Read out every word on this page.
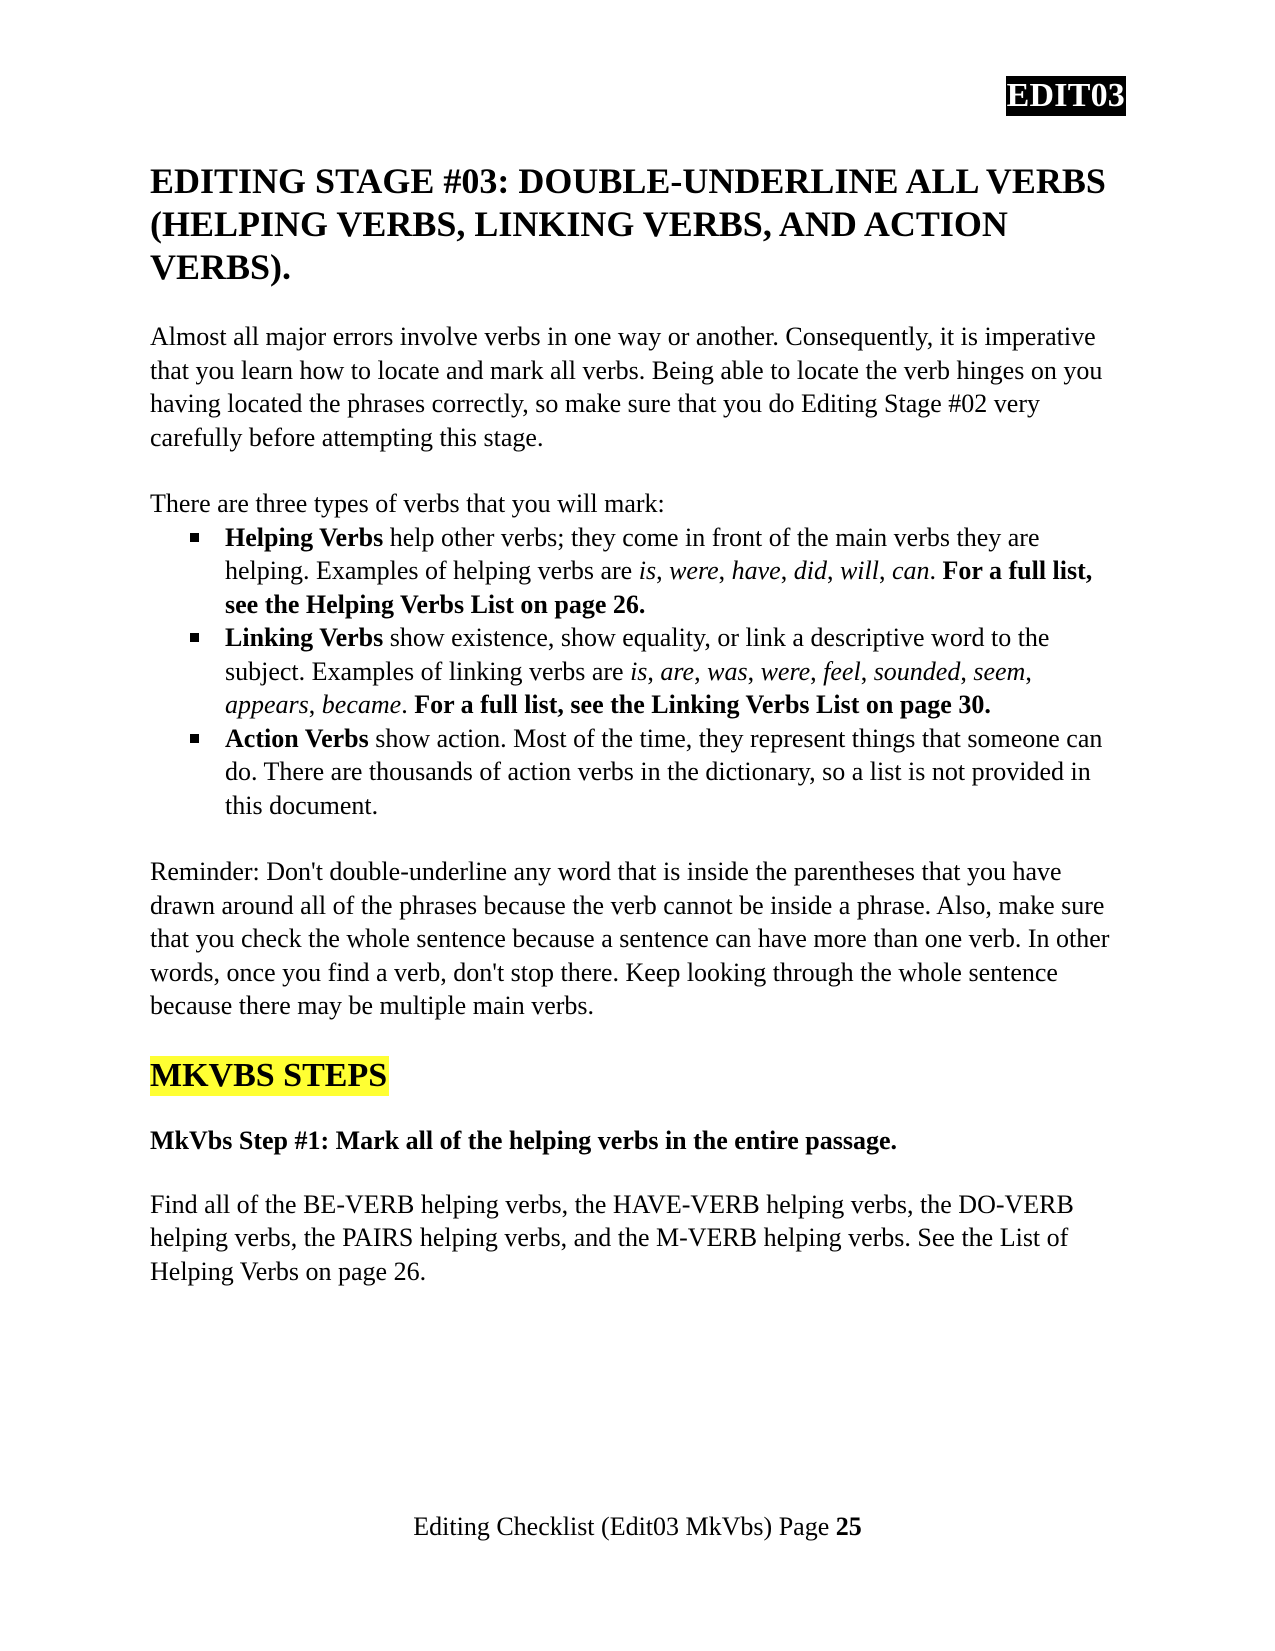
EDIT03
EDITING STAGE #03: DOUBLE-UNDERLINE ALL VERBS (HELPING VERBS, LINKING VERBS, AND ACTION VERBS).

Almost all major errors involve verbs in one way or another. Consequently, it is imperative that you learn how to locate and mark all verbs. Being able to locate the verb hinges on you having located the phrases correctly, so make sure that you do Editing Stage #02 very carefully before attempting this stage.

There are three types of verbs that you will mark:

Helping Verbs help other verbs; they come in front of the main verbs they are helping. Examples of helping verbs are is, were, have, did, will, can. For a full list, see the Helping Verbs List on page 26.
Linking Verbs show existence, show equality, or link a descriptive word to the subject. Examples of linking verbs are is, are, was, were, feel, sounded, seem, appears, became. For a full list, see the Linking Verbs List on page 30.
Action Verbs show action. Most of the time, they represent things that someone can do. There are thousands of action verbs in the dictionary, so a list is not provided in this document.

Reminder: Don't double-underline any word that is inside the parentheses that you have drawn around all of the phrases because the verb cannot be inside a phrase. Also, make sure that you check the whole sentence because a sentence can have more than one verb. In other words, once you find a verb, don't stop there. Keep looking through the whole sentence because there may be multiple main verbs.

MKVBS STEPS
MkVbs Step #1: Mark all of the helping verbs in the entire passage.

Find all of the BE-VERB helping verbs, the HAVE-VERB helping verbs, the DO-VERB helping verbs, the PAIRS helping verbs, and the M-VERB helping verbs. See the List of Helping Verbs on page 26.

Editing Checklist (Edit03 MkVbs) Page 25
